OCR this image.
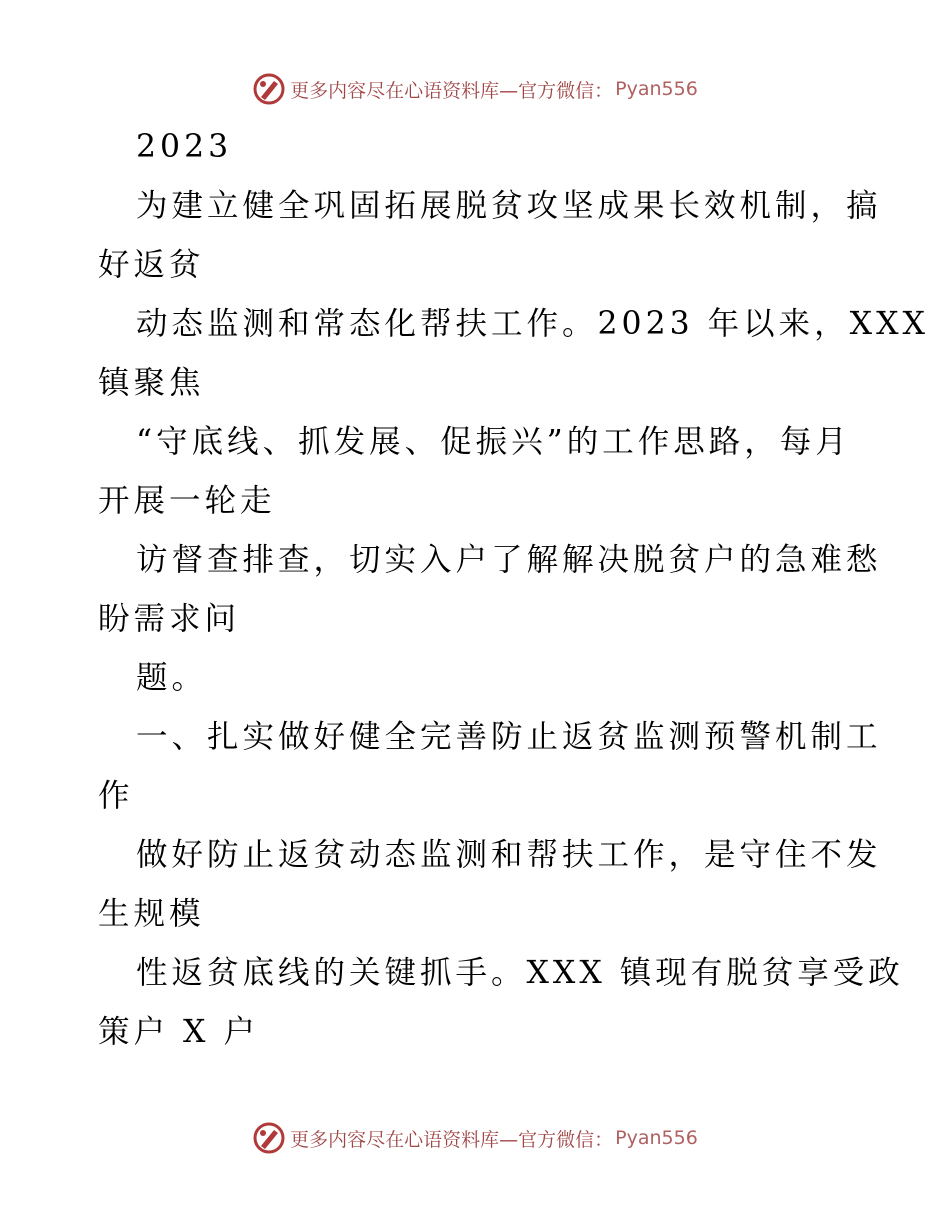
更多内容尽在心语资料库—官方微信： Pyan556

2023

为建立健全巩固拓展脱贫攻坚成果长效机制，搞

好返贫

动态监测和常态化帮扶工作。2023 年以来，XXX

镇聚焦

“守底线、抓发展、促振兴”的工作思路，每月

开展一轮走

访督查排查，切实入户了解解决脱贫户的急难愁

盼需求问

题。

一、扎实做好健全完善防止返贫监测预警机制工

作

做好防止返贫动态监测和帮扶工作，是守住不发

生规模

性返贫底线的关键抓手。XXX 镇现有脱贫享受政

策户 X 户

更多内容尽在心语资料库—官方微信： Pyan556
